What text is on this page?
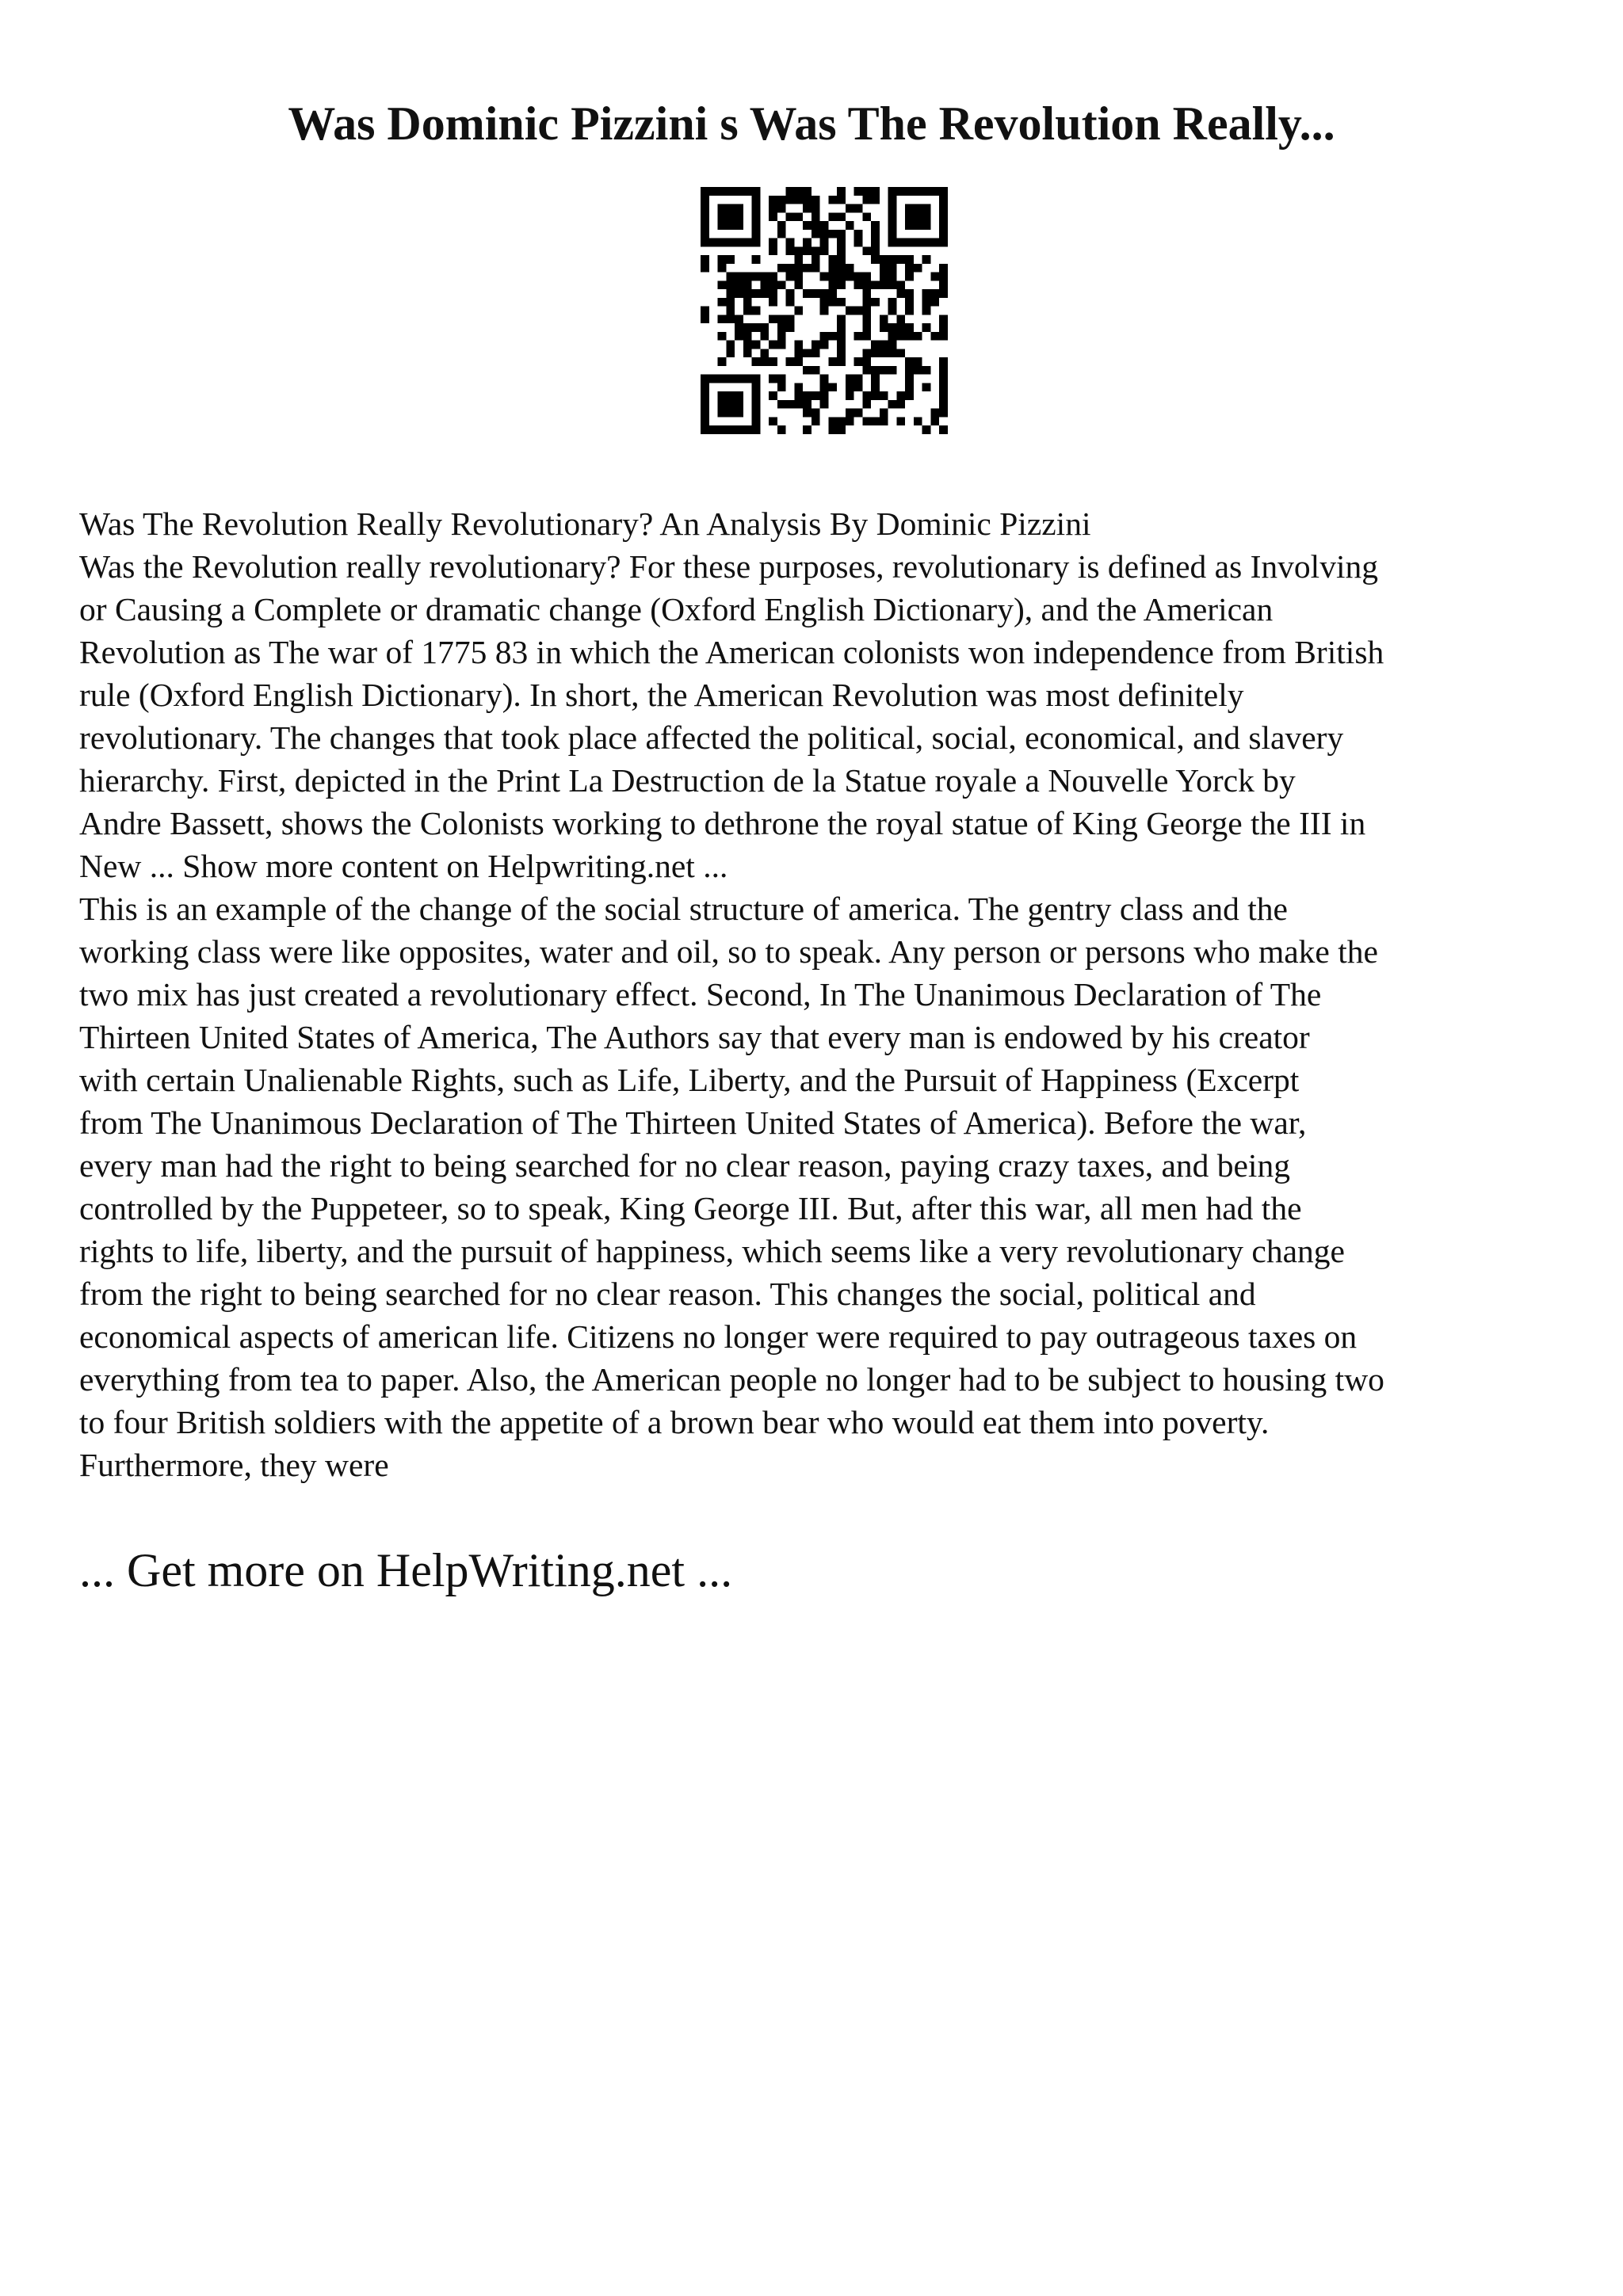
Was Dominic Pizzini s Was The Revolution Really...

Was The Revolution Really Revolutionary? An Analysis By Dominic Pizzini

Was the Revolution really revolutionary? For these purposes, revolutionary is defined as Involving
or Causing a Complete or dramatic change (Oxford English Dictionary), and the American
Revolution as The war of 1775 83 in which the American colonists won independence from British
rule (Oxford English Dictionary). In short, the American Revolution was most definitely
revolutionary. The changes that took place affected the political, social, economical, and slavery
hierarchy. First, depicted in the Print La Destruction de la Statue royale a Nouvelle Yorck by
Andre Bassett, shows the Colonists working to dethrone the royal statue of King George the III in
New ... Show more content on Helpwriting.net ...

This is an example of the change of the social structure of america. The gentry class and the
working class were like opposites, water and oil, so to speak. Any person or persons who make the
two mix has just created a revolutionary effect. Second, In The Unanimous Declaration of The
Thirteen United States of America, The Authors say that every man is endowed by his creator
with certain Unalienable Rights, such as Life, Liberty, and the Pursuit of Happiness (Excerpt
from The Unanimous Declaration of The Thirteen United States of America). Before the war,
every man had the right to being searched for no clear reason, paying crazy taxes, and being
controlled by the Puppeteer, so to speak, King George III. But, after this war, all men had the
rights to life, liberty, and the pursuit of happiness, which seems like a very revolutionary change
from the right to being searched for no clear reason. This changes the social, political and
economical aspects of american life. Citizens no longer were required to pay outrageous taxes on
everything from tea to paper. Also, the American people no longer had to be subject to housing two
to four British soldiers with the appetite of a brown bear who would eat them into poverty.
Furthermore, they were

... Get more on HelpWriting.net ...
